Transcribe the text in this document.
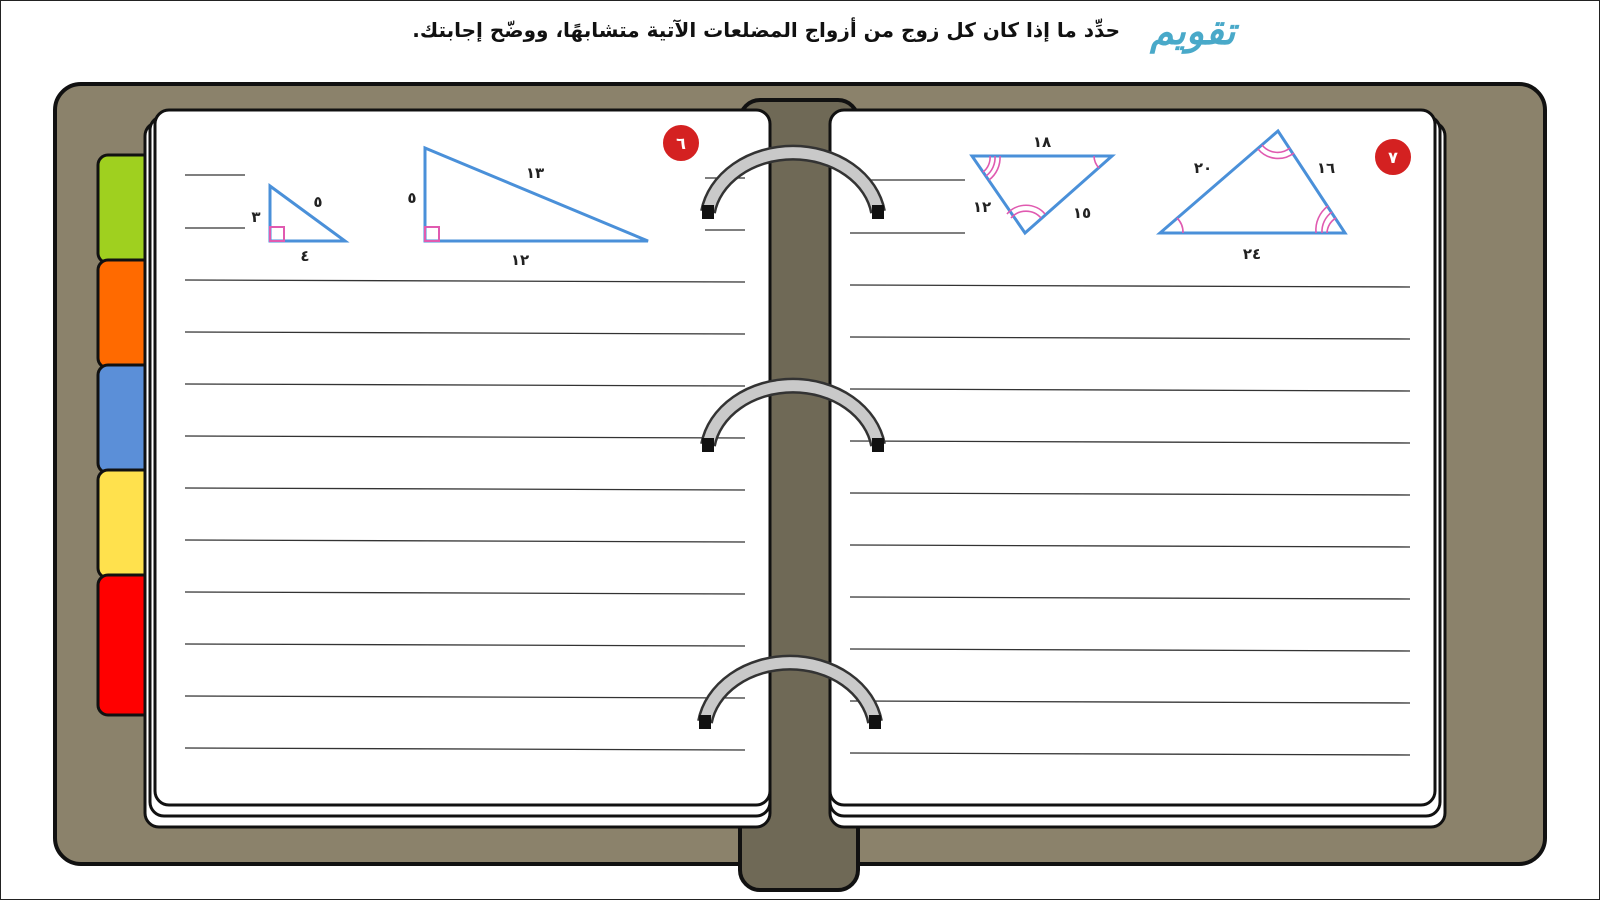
حدِّد ما إذا كان كل زوج من أزواج المضلعات الآتية متشابهًا، ووضّح إجابتك. تقويم
٦
٣
٤
٥	٥
١٢
١٣
٧
١٨
١٢	١٥
٢٠	١٦
٢٤
